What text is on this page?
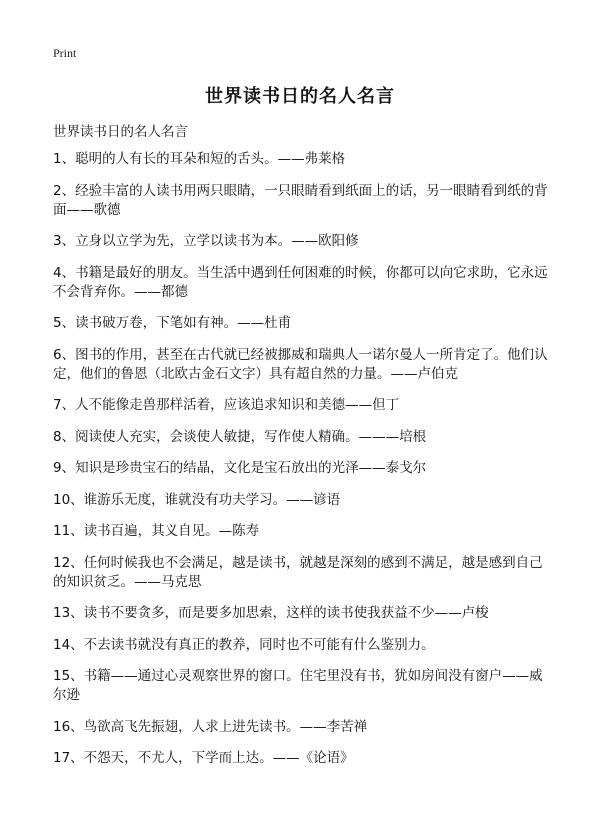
Print
世界读书日的名人名言
世界读书日的名人名言
1、聪明的人有长的耳朵和短的舌头。——弗莱格
2、经验丰富的人读书用两只眼睛，一只眼睛看到纸面上的话，另一眼睛看到纸的背面——歌德
3、立身以立学为先，立学以读书为本。——欧阳修
4、书籍是最好的朋友。当生活中遇到任何困难的时候，你都可以向它求助，它永远不会背弃你。——都德
5、读书破万卷，下笔如有神。——杜甫
6、图书的作用，甚至在古代就已经被挪威和瑞典人一诺尔曼人一所肯定了。他们认定，他们的鲁恩（北欧古金石文字）具有超自然的力量。——卢伯克
7、人不能像走兽那样活着，应该追求知识和美德——但丁
8、阅读使人充实，会谈使人敏捷，写作使人精确。———培根
9、知识是珍贵宝石的结晶，文化是宝石放出的光泽——泰戈尔
10、谁游乐无度，谁就没有功夫学习。——谚语
11、读书百遍，其义自见。—陈寿
12、任何时候我也不会满足，越是读书，就越是深刻的感到不满足，越是感到自己的知识贫乏。——马克思
13、读书不要贪多，而是要多加思索，这样的读书使我获益不少——卢梭
14、不去读书就没有真正的教养，同时也不可能有什么鉴别力。
15、书籍——通过心灵观察世界的窗口。住宅里没有书，犹如房间没有窗户——威尔逊
16、鸟欲高飞先振翅，人求上进先读书。——李苦禅
17、不怨天，不尤人，下学而上达。——《论语》
